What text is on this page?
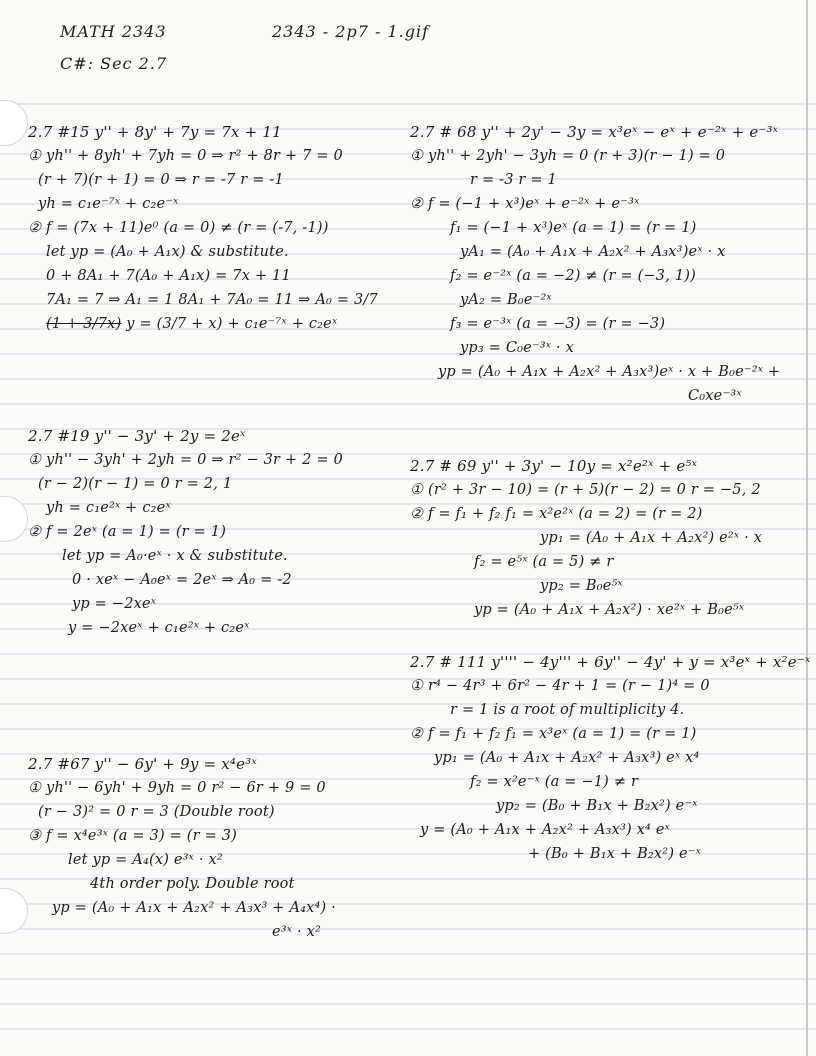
MATH 2343	2343 - 2p7 - 1.gif
C#: Sec 2.7
2.7 #15 y'' + 8y' + 7y = 7x + 11
① yh'' + 8yh' + 7yh = 0 ⇒ r² + 8r + 7 = 0
(r + 7)(r + 1) = 0 ⇒ r = -7 r = -1
yh = c₁e⁻⁷ˣ + c₂e⁻ˣ
② f = (7x + 11)e⁰ (a = 0) ≠ (r = (-7, -1))
let yp = (A₀ + A₁x) & substitute.
0 + 8A₁ + 7(A₀ + A₁x) = 7x + 11
7A₁ = 7 ⇒ A₁ = 1 8A₁ + 7A₀ = 11 ⇒ A₀ = 3/7
(1 + 3/7x) y = (3/7 + x) + c₁e⁻⁷ˣ + c₂eˣ
2.7 #19 y'' − 3y' + 2y = 2eˣ
① yh'' − 3yh' + 2yh = 0 ⇒ r² − 3r + 2 = 0
(r − 2)(r − 1) = 0 r = 2, 1
yh = c₁e²ˣ + c₂eˣ
② f = 2eˣ (a = 1) = (r = 1)
let yp = A₀·eˣ · x & substitute.
0 · xeˣ − A₀eˣ = 2eˣ ⇒ A₀ = -2
yp = −2xeˣ
y = −2xeˣ + c₁e²ˣ + c₂eˣ
2.7 #67 y'' − 6y' + 9y = x⁴e³ˣ
① yh'' − 6yh' + 9yh = 0 r² − 6r + 9 = 0
(r − 3)² = 0 r = 3 (Double root)
③ f = x⁴e³ˣ (a = 3) = (r = 3)
let yp = A₄(x) e³ˣ · x²
4th order poly. Double root
yp = (A₀ + A₁x + A₂x² + A₃x³ + A₄x⁴) ·
e³ˣ · x²
2.7 # 68 y'' + 2y' − 3y = x³eˣ − eˣ + e⁻²ˣ + e⁻³ˣ
① yh'' + 2yh' − 3yh = 0 (r + 3)(r − 1) = 0
r = -3 r = 1
② f = (−1 + x³)eˣ + e⁻²ˣ + e⁻³ˣ
f₁ = (−1 + x³)eˣ (a = 1) = (r = 1)
yA₁ = (A₀ + A₁x + A₂x² + A₃x³)eˣ · x
f₂ = e⁻²ˣ (a = −2) ≠ (r = (−3, 1))
yA₂ = B₀e⁻²ˣ
f₃ = e⁻³ˣ (a = −3) = (r = −3)
yp₃ = C₀e⁻³ˣ · x
yp = (A₀ + A₁x + A₂x² + A₃x³)eˣ · x + B₀e⁻²ˣ +
C₀xe⁻³ˣ
2.7 # 69 y'' + 3y' − 10y = x²e²ˣ + e⁵ˣ
① (r² + 3r − 10) = (r + 5)(r − 2) = 0 r = −5, 2
② f = f₁ + f₂ f₁ = x²e²ˣ (a = 2) = (r = 2)
yp₁ = (A₀ + A₁x + A₂x²) e²ˣ · x
f₂ = e⁵ˣ (a = 5) ≠ r
yp₂ = B₀e⁵ˣ
yp = (A₀ + A₁x + A₂x²) · xe²ˣ + B₀e⁵ˣ
2.7 # 111 y'''' − 4y''' + 6y'' − 4y' + y = x³eˣ + x²e⁻ˣ
① r⁴ − 4r³ + 6r² − 4r + 1 = (r − 1)⁴ = 0
r = 1 is a root of multiplicity 4.
② f = f₁ + f₂ f₁ = x³eˣ (a = 1) = (r = 1)
yp₁ = (A₀ + A₁x + A₂x² + A₃x³) eˣ x⁴
f₂ = x²e⁻ˣ (a = −1) ≠ r
yp₂ = (B₀ + B₁x + B₂x²) e⁻ˣ
y = (A₀ + A₁x + A₂x² + A₃x³) x⁴ eˣ
+ (B₀ + B₁x + B₂x²) e⁻ˣ
